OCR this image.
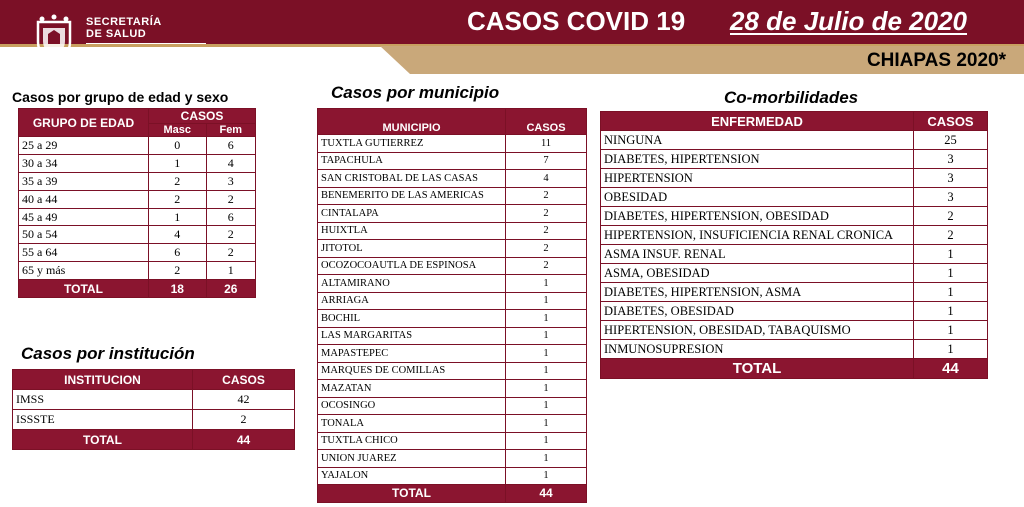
SECRETARÍA
DE SALUD
GOBIERNO DE CHIAPAS
CASOS COVID 19 28 de Julio de 2020
CHIAPAS 2020*
Casos por grupo de edad y sexo	Casos por municipio	Co-morbilidades
Casos por institución
GRUPO DE EDAD	CASOS	
	Masc	Fem
25 a 29	0	6
30 a 34	1	4
35 a 39	2	3
40 a 44	2	2
45 a 49	1	6
50 a 54	4	2
55 a 64	6	2
65 y más	2	1
TOTAL	18	26
INSTITUCION	CASOS
IMSS	42
ISSSTE	2
TOTAL	44
MUNICIPIO	CASOS
TUXTLA GUTIERREZ	11
TAPACHULA	7
SAN CRISTOBAL DE LAS CASAS	4
BENEMERITO DE LAS AMERICAS	2
CINTALAPA	2
HUIXTLA	2
JITOTOL	2
OCOZOCOAUTLA DE ESPINOSA	2
ALTAMIRANO	1
ARRIAGA	1
BOCHIL	1
LAS MARGARITAS	1
MAPASTEPEC	1
MARQUES DE COMILLAS	1
MAZATAN	1
OCOSINGO	1
TONALA	1
TUXTLA CHICO	1
UNION JUAREZ	1
YAJALON	1
TOTAL	44
ENFERMEDAD	CASOS
NINGUNA	25
DIABETES, HIPERTENSION	3
HIPERTENSION	3
OBESIDAD	3
DIABETES, HIPERTENSION, OBESIDAD	2
HIPERTENSION, INSUFICIENCIA RENAL CRONICA	2
ASMA INSUF. RENAL	1
ASMA, OBESIDAD	1
DIABETES, HIPERTENSION, ASMA	1
DIABETES, OBESIDAD	1
HIPERTENSION, OBESIDAD, TABAQUISMO	1
INMUNOSUPRESION	1
TOTAL	44
